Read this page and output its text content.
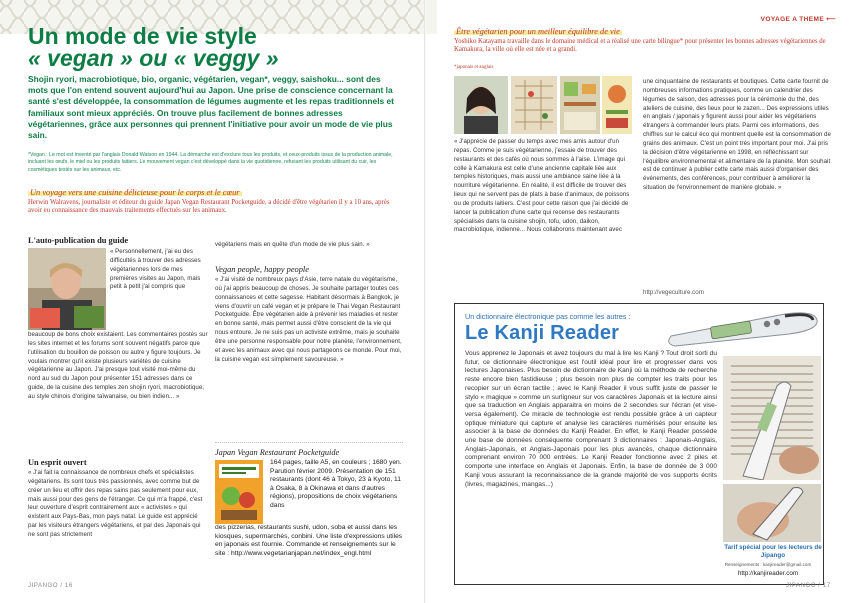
Un mode de vie style
« vegan » ou « veggy »
Shojin ryori, macrobiotique, bio, organic, végétarien, vegan*, veggy, saishoku... sont des mots que l'on entend souvent aujourd'hui au Japon. Une prise de conscience concernant la santé s'est développée, la consommation de légumes augmente et les repas traditionnels et familiaux sont mieux appréciés. On trouve plus facilement de bonnes adresses végétariennes, grâce aux personnes qui prennent l'initiative pour avoir un mode de vie plus sain.
*Vegan : Le mot est inventé par l'anglais Donald Watson en 1944. La démarche est d'exclure tous les produits, et ceux-produits issus de la production animale, incluant les œufs, le miel ou les produits laitiers. Le mouvement vegan c'est développé dans la vie quotidienne, refusant les produits utilisant du cuir, les cosmétiques testés sur les animaux, etc.
Un voyage vers une cuisine délicieuse pour le corps et le cœur
Herwin Walravens, journaliste et éditeur du guide Japan Vegan Restaurant Pocketguide, a décidé d'être végétarien il y a 10 ans, après avoir eu connaissance des mauvais traitements effectués sur les animaux.
L'auto-publication du guide
« Personnellement, j'ai eu des difficultés à trouver des adresses végétariennes lors de mes premières visites au Japon, mais petit à petit j'ai compris que
beaucoup de bons choix existaient. Les commentaires postés sur les sites internet et les forums sont souvent négatifs parce que l'utilisation du bouillon de poisson ou autre y figure toujours. Je voulais montrer qu'il existe plusieurs variétés de cuisine végétarienne au Japon. J'ai presque tout visité moi-même du nord au sud du Japon pour présenter 151 adresses dans ce guide, de la cuisine des temples zen shojin ryori, macrobiotique, au style chinois d'origine taïwanaise, ou bien indien... »
Un esprit ouvert
« J'ai fait la connaissance de nombreux chefs et spécialistes végétariens. Ils sont tous très passionnés, avec comme but de créer un lieu et offrir des repas sains pas seulement pour eux, mais aussi pour des gens de l'étranger. Ce qui m'a frappé, c'est leur ouverture d'esprit contrairement aux « activistes » qui existent aux Pays-Bas, mon pays natal. Le guide est apprécié par les visiteurs étrangers végétariens, et par des Japonais qui ne sont pas strictement
végétariens mais en quête d'un mode de vie plus sain. »
Vegan people, happy people
« J'ai visité de nombreux pays d'Asie, terre natale du végétarisme, où j'ai appris beaucoup de choses. Je souhaite partager toutes ces connaissances et cette sagesse. Habitant désormais à Bangkok, je viens d'ouvrir un café vegan et je prépare le Thai Vegan Restaurant Pocketguide. Être végétarien aide à prévenir les maladies et rester en bonne santé, mais permet aussi d'être conscient de la vie qui nous entoure. Je ne suis pas un activiste extrême, mais je souhaite être une personne responsable pour notre planète, l'environnement, et avec les animaux avec qui nous partageons ce monde. Pour moi, la cuisine vegan est simplement savoureuse. »
Japan Vegan Restaurant Pocketguide
164 pages, taille A5, en couleurs ; 1680 yen. Parution février 2009. Présentation de 151 restaurants (dont 46 à Tokyo, 23 à Kyoto, 11 à Osaka, 8 à Okinawa et dans d'autres régions), propositions de choix végétariens dans
des pizzerias, restaurants sushi, udon, soba et aussi dans les kiosques, supermarchés, conbini. Une liste d'expressions utiles en japonais est fournie. Commande et renseignements sur le site : http://www.vegetarianjapan.net/index_engl.html
JIPANGO / 16
VOYAGE A THEME ⟵
Être végétarien pour un meilleur équilibre de vie
Yoshiko Katayama travaille dans le domaine médical et a réalisé une carte bilingue* pour présenter les bonnes adresses végétariennes de Kamakura, la ville où elle est née et a grandi.
*japonais et anglais
« J'apprécie de passer du temps avec mes amis autour d'un repas. Comme je suis végétarienne, j'essaie de trouver des restaurants et des cafés où nous sommes à l'aise. L'image qui colle à Kamakura est celle d'une ancienne capitale liée aux temples historiques, mais aussi une ambiance saine liée à la nourriture végétarienne. En réalité, il est difficile de trouver des lieux qui ne servent pas de plats à base d'animaux, de poissons ou de produits laitiers. C'est pour cette raison que j'ai décidé de lancer la publication d'une carte qui recense des restaurants spécialisés dans la cuisine shojin, tofu, udon, daikon, macrobiotique, indienne... Nous collaborons maintenant avec
une cinquantaine de restaurants et boutiques. Cette carte fournit de nombreuses informations pratiques, comme un calendrier des légumes de saison, des adresses pour la cérémonie du thé, des ateliers de cuisine, des lieux pour le zazen... Des expressions utiles en anglais / japonais y figurent aussi pour aider les végétariens étrangers à commander leurs plats. Parmi ces informations, des chiffres sur le calcul éco qui montrent quelle est la consommation de grains des animaux. C'est un point très important pour moi. J'ai pris la décision d'être végétarienne en 1998, en réfléchissant sur l'équilibre environnemental et alimentaire de la planète. Mon souhait est de continuer à publier cette carte mais aussi d'organiser des événements, des conférences, pour contribuer à améliorer la situation de l'environnement de manière globale. »
http://vegeculture.com
Un dictionnaire électronique pas comme les autres :
Le Kanji Reader
Vous apprenez le Japonais et avez toujours du mal à lire les Kanji ? Tout droit sorti du futur, ce dictionnaire électronique est l'outil idéal pour lire et progresser dans vos lectures Japonaises. Plus besoin de dictionnaire de Kanji où la méthode de recherche reste encore bien fastidieuse ; plus besoin non plus de compter les traits pour les recopier sur un écran tactile ; avec le Kanji Reader il vous suffit juste de passer le stylo « magique » comme un surligneur sur vos caractères Japonais et la lecture ainsi que sa traduction en Anglais apparaitra en moins de 2 secondes sur l'écran (et vise-versa également). Ce miracle de technologie est rendu possible grâce à un capteur optique miniature qui capture et analyse les caractères numérisés pour ensuite les associer à la base de données du Kanji Reader. En effet, le Kanji Reader possède une base de données conséquente comprenant 3 dictionnaires : Japonais-Anglais, Anglais-Japonais, et Anglais-Japonais pour les plus avancés, chaque dictionnaire comprenant environ 70 000 entrées. Le Kanji Reader fonctionne avec 2 piles et comporte une interface en Anglais et Japonais. Enfin, la base de donnée de 3 000 Kanji vous assurant la reconnaissance de la grande majorité de vos supports écrits (livres, magazines, mangas...)
Tarif spécial pour les lecteurs de Jipango
Renseignements : kanjireader@gmail.com
http://kanjireader.com
JIPANGO / 17
